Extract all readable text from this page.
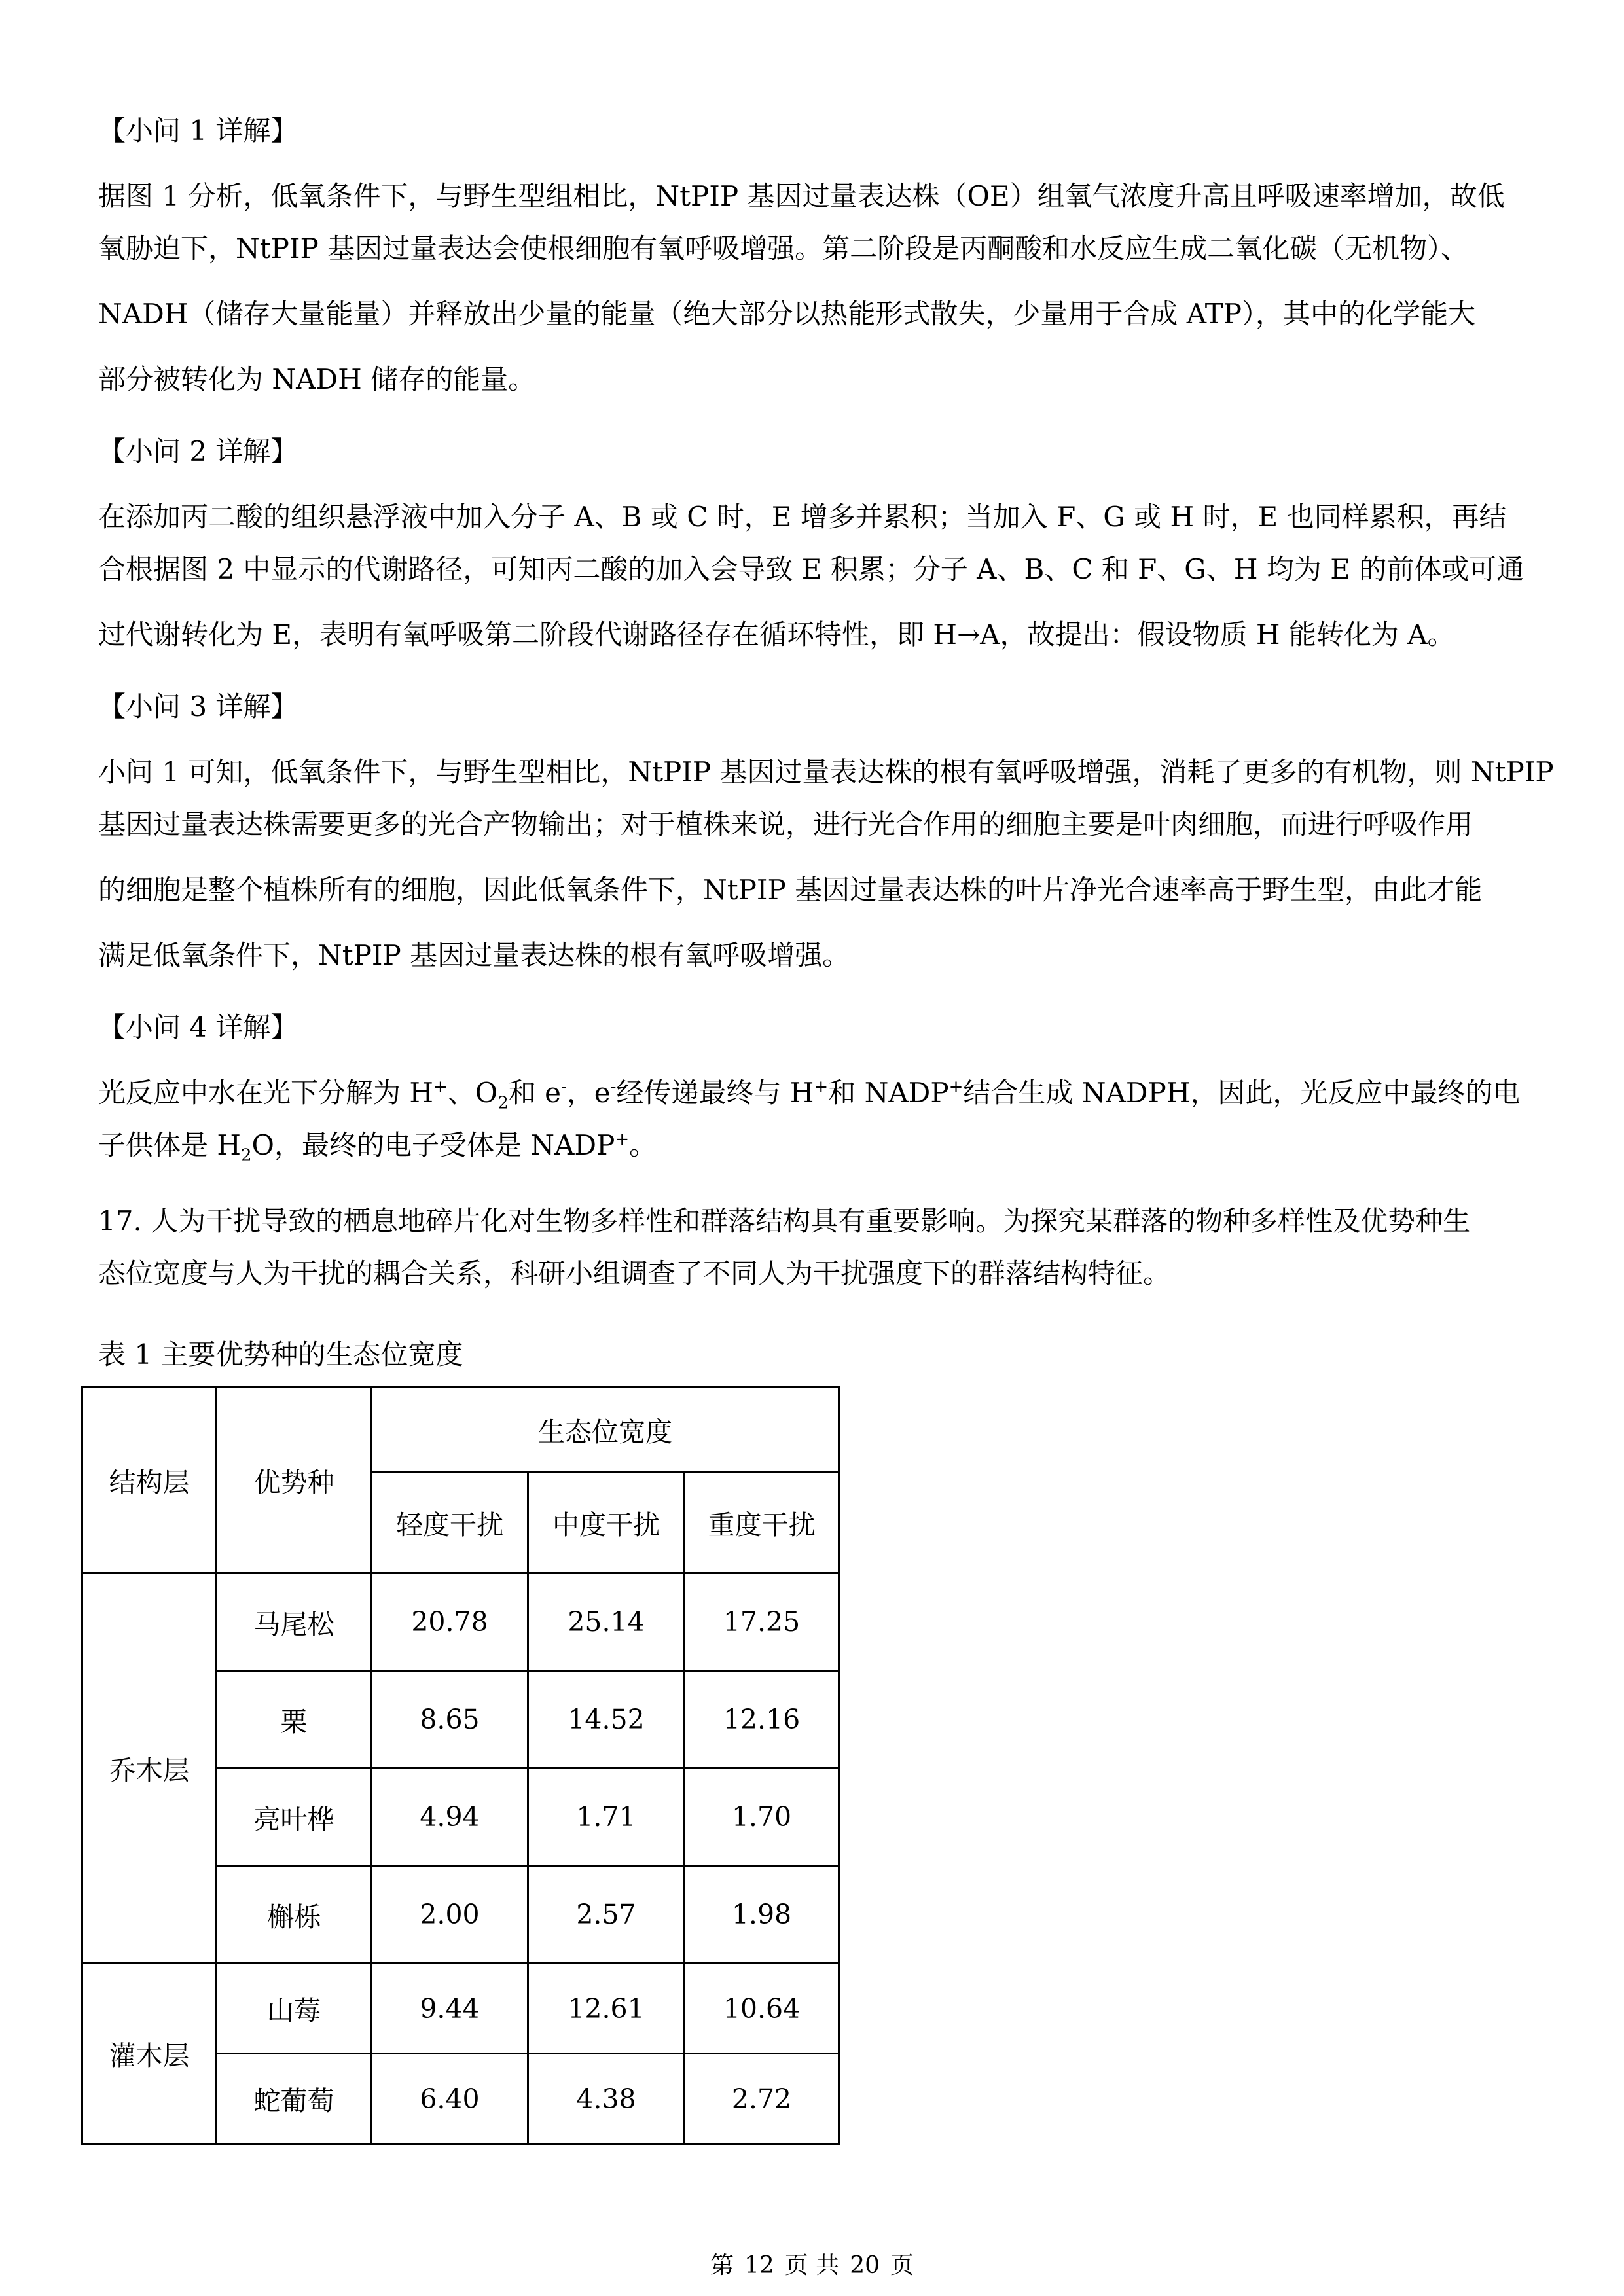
【小问 1 详解】
据图 1 分析，低氧条件下，与野生型组相比，NtPIP 基因过量表达株（OE）组氧气浓度升高且呼吸速率增加，故低
氧胁迫下，NtPIP 基因过量表达会使根细胞有氧呼吸增强。第二阶段是丙酮酸和水反应生成二氧化碳（无机物）、
NADH（储存大量能量）并释放出少量的能量（绝大部分以热能形式散失，少量用于合成 ATP），其中的化学能大
部分被转化为 NADH 储存的能量。
【小问 2 详解】
在添加丙二酸的组织悬浮液中加入分子 A、B 或 C 时，E 增多并累积；当加入 F、G 或 H 时，E 也同样累积，再结
合根据图 2 中显示的代谢路径，可知丙二酸的加入会导致 E 积累；分子 A、B、C 和 F、G、H 均为 E 的前体或可通
过代谢转化为 E，表明有氧呼吸第二阶段代谢路径存在循环特性，即 H→A，故提出：假设物质 H 能转化为 A。
【小问 3 详解】
小问 1 可知，低氧条件下，与野生型相比，NtPIP 基因过量表达株的根有氧呼吸增强，消耗了更多的有机物，则 NtPIP
基因过量表达株需要更多的光合产物输出；对于植株来说，进行光合作用的细胞主要是叶肉细胞，而进行呼吸作用
的细胞是整个植株所有的细胞，因此低氧条件下，NtPIP 基因过量表达株的叶片净光合速率高于野生型，由此才能
满足低氧条件下，NtPIP 基因过量表达株的根有氧呼吸增强。
【小问 4 详解】
光反应中水在光下分解为 H+、$O_2$和 e-，e-经传递最终与 H+和 NADP+结合生成 NADPH，因此，光反应中最终的电
子供体是 $H_2O$，最终的电子受体是 NADP+。
17. 人为干扰导致的栖息地碎片化对生物多样性和群落结构具有重要影响。为探究某群落的物种多样性及优势种生
态位宽度与人为干扰的耦合关系，科研小组调查了不同人为干扰强度下的群落结构特征。
表 1 主要优势种的生态位宽度
结构层	优势种	生态位宽度		
		轻度干扰	中度干扰	重度干扰
乔木层	马尾松	20.78	25.14	17.25
	栗	8.65	14.52	12.16
	亮叶桦	4.94	1.71	1.70
	槲栎	2.00	2.57	1.98
灌木层	山莓	9.44	12.61	10.64
	蛇葡萄	6.40	4.38	2.72
第 12 页 共 20 页
